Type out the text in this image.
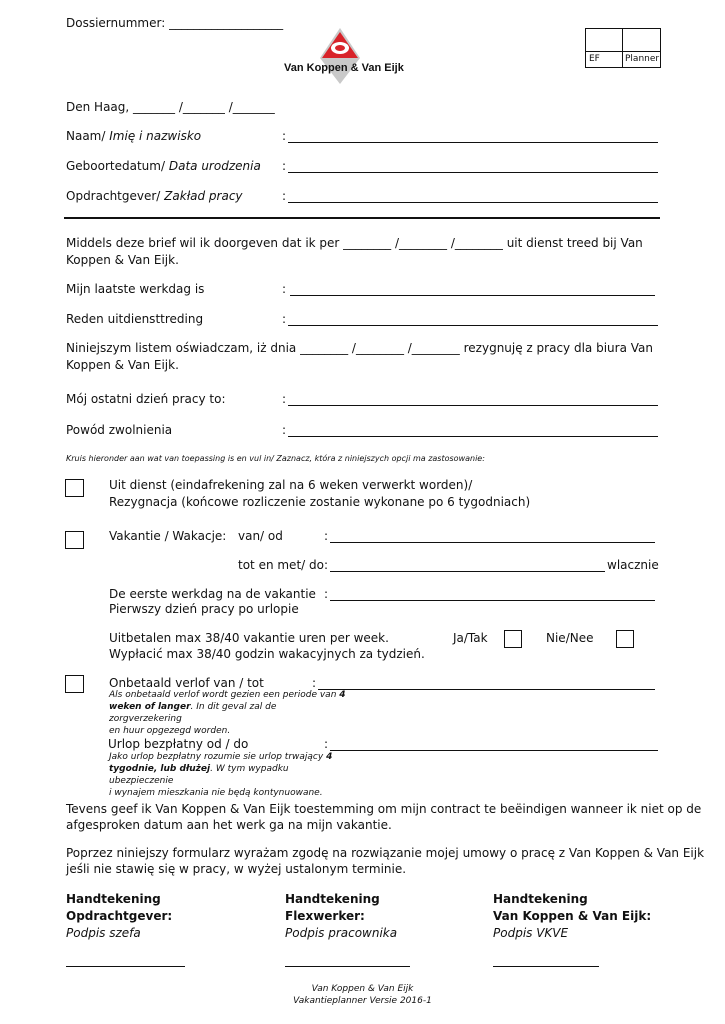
Dossiernummer: ___________________
Van Koppen & Van Eijk
EF	Planner
Den Haag, _______ /_______ /_______
Naam/ Imię i nazwisko	:
Geboortedatum/ Data urodzenia :
Opdrachtgever/ Zakład pracy	:
Middels deze brief wil ik doorgeven dat ik per ________ /________ /________ uit dienst treed bij Van
Koppen & Van Eijk.
Mijn laatste werkdag is	:
Reden uitdiensttreding	:
Niniejszym listem oświadczam, iż dnia ________ /________ /________ rezygnuję z pracy dla biura Van
Koppen & Van Eijk.
Mój ostatni dzień pracy to:	:
Powód zwolnienia	:
Kruis hieronder aan wat van toepassing is en vul in/ Zaznacz, która z niniejszych opcji ma zastosowanie:
Uit dienst (eindafrekening zal na 6 weken verwerkt worden)/
Rezygnacja (końcowe rozliczenie zostanie wykonane po 6 tygodniach)
Vakantie / Wakacje: van/ od	:
tot en met/ do :	wlacznie
De eerste werkdag na de vakantie
Pierwszy dzień pracy po urlopie
:
Uitbetalen max 38/40 vakantie uren per week.
Wypłacić max 38/40 godzin wakacyjnych za tydzień.
Ja/Tak	Nie/Nee
Onbetaald verlof van / tot	:
Als onbetaald verlof wordt gezien een periode van 4
weken of langer. In dit geval zal de zorgverzekering
en huur opgezegd worden.
Urlop bezpłatny od / do	:
Jako urlop bezpłatny rozumie sie urlop trwający 4
tygodnie, lub dłużej. W tym wypadku ubezpieczenie
i wynajem mieszkania nie będą kontynuowane.
Tevens geef ik Van Koppen & Van Eijk toestemming om mijn contract te beëindigen wanneer ik niet op de
afgesproken datum aan het werk ga na mijn vakantie.
Poprzez niniejszy formularz wyrażam zgodę na rozwiązanie mojej umowy o pracę z Van Koppen & Van Eijk
jeśli nie stawię się w pracy, w wyżej ustalonym terminie.
Handtekening
Opdrachtgever:
Podpis szefa
Handtekening
Flexwerker:
Podpis pracownika
Handtekening
Van Koppen & Van Eijk:
Podpis VKVE
Van Koppen & Van Eijk
Vakantieplanner Versie 2016-1
